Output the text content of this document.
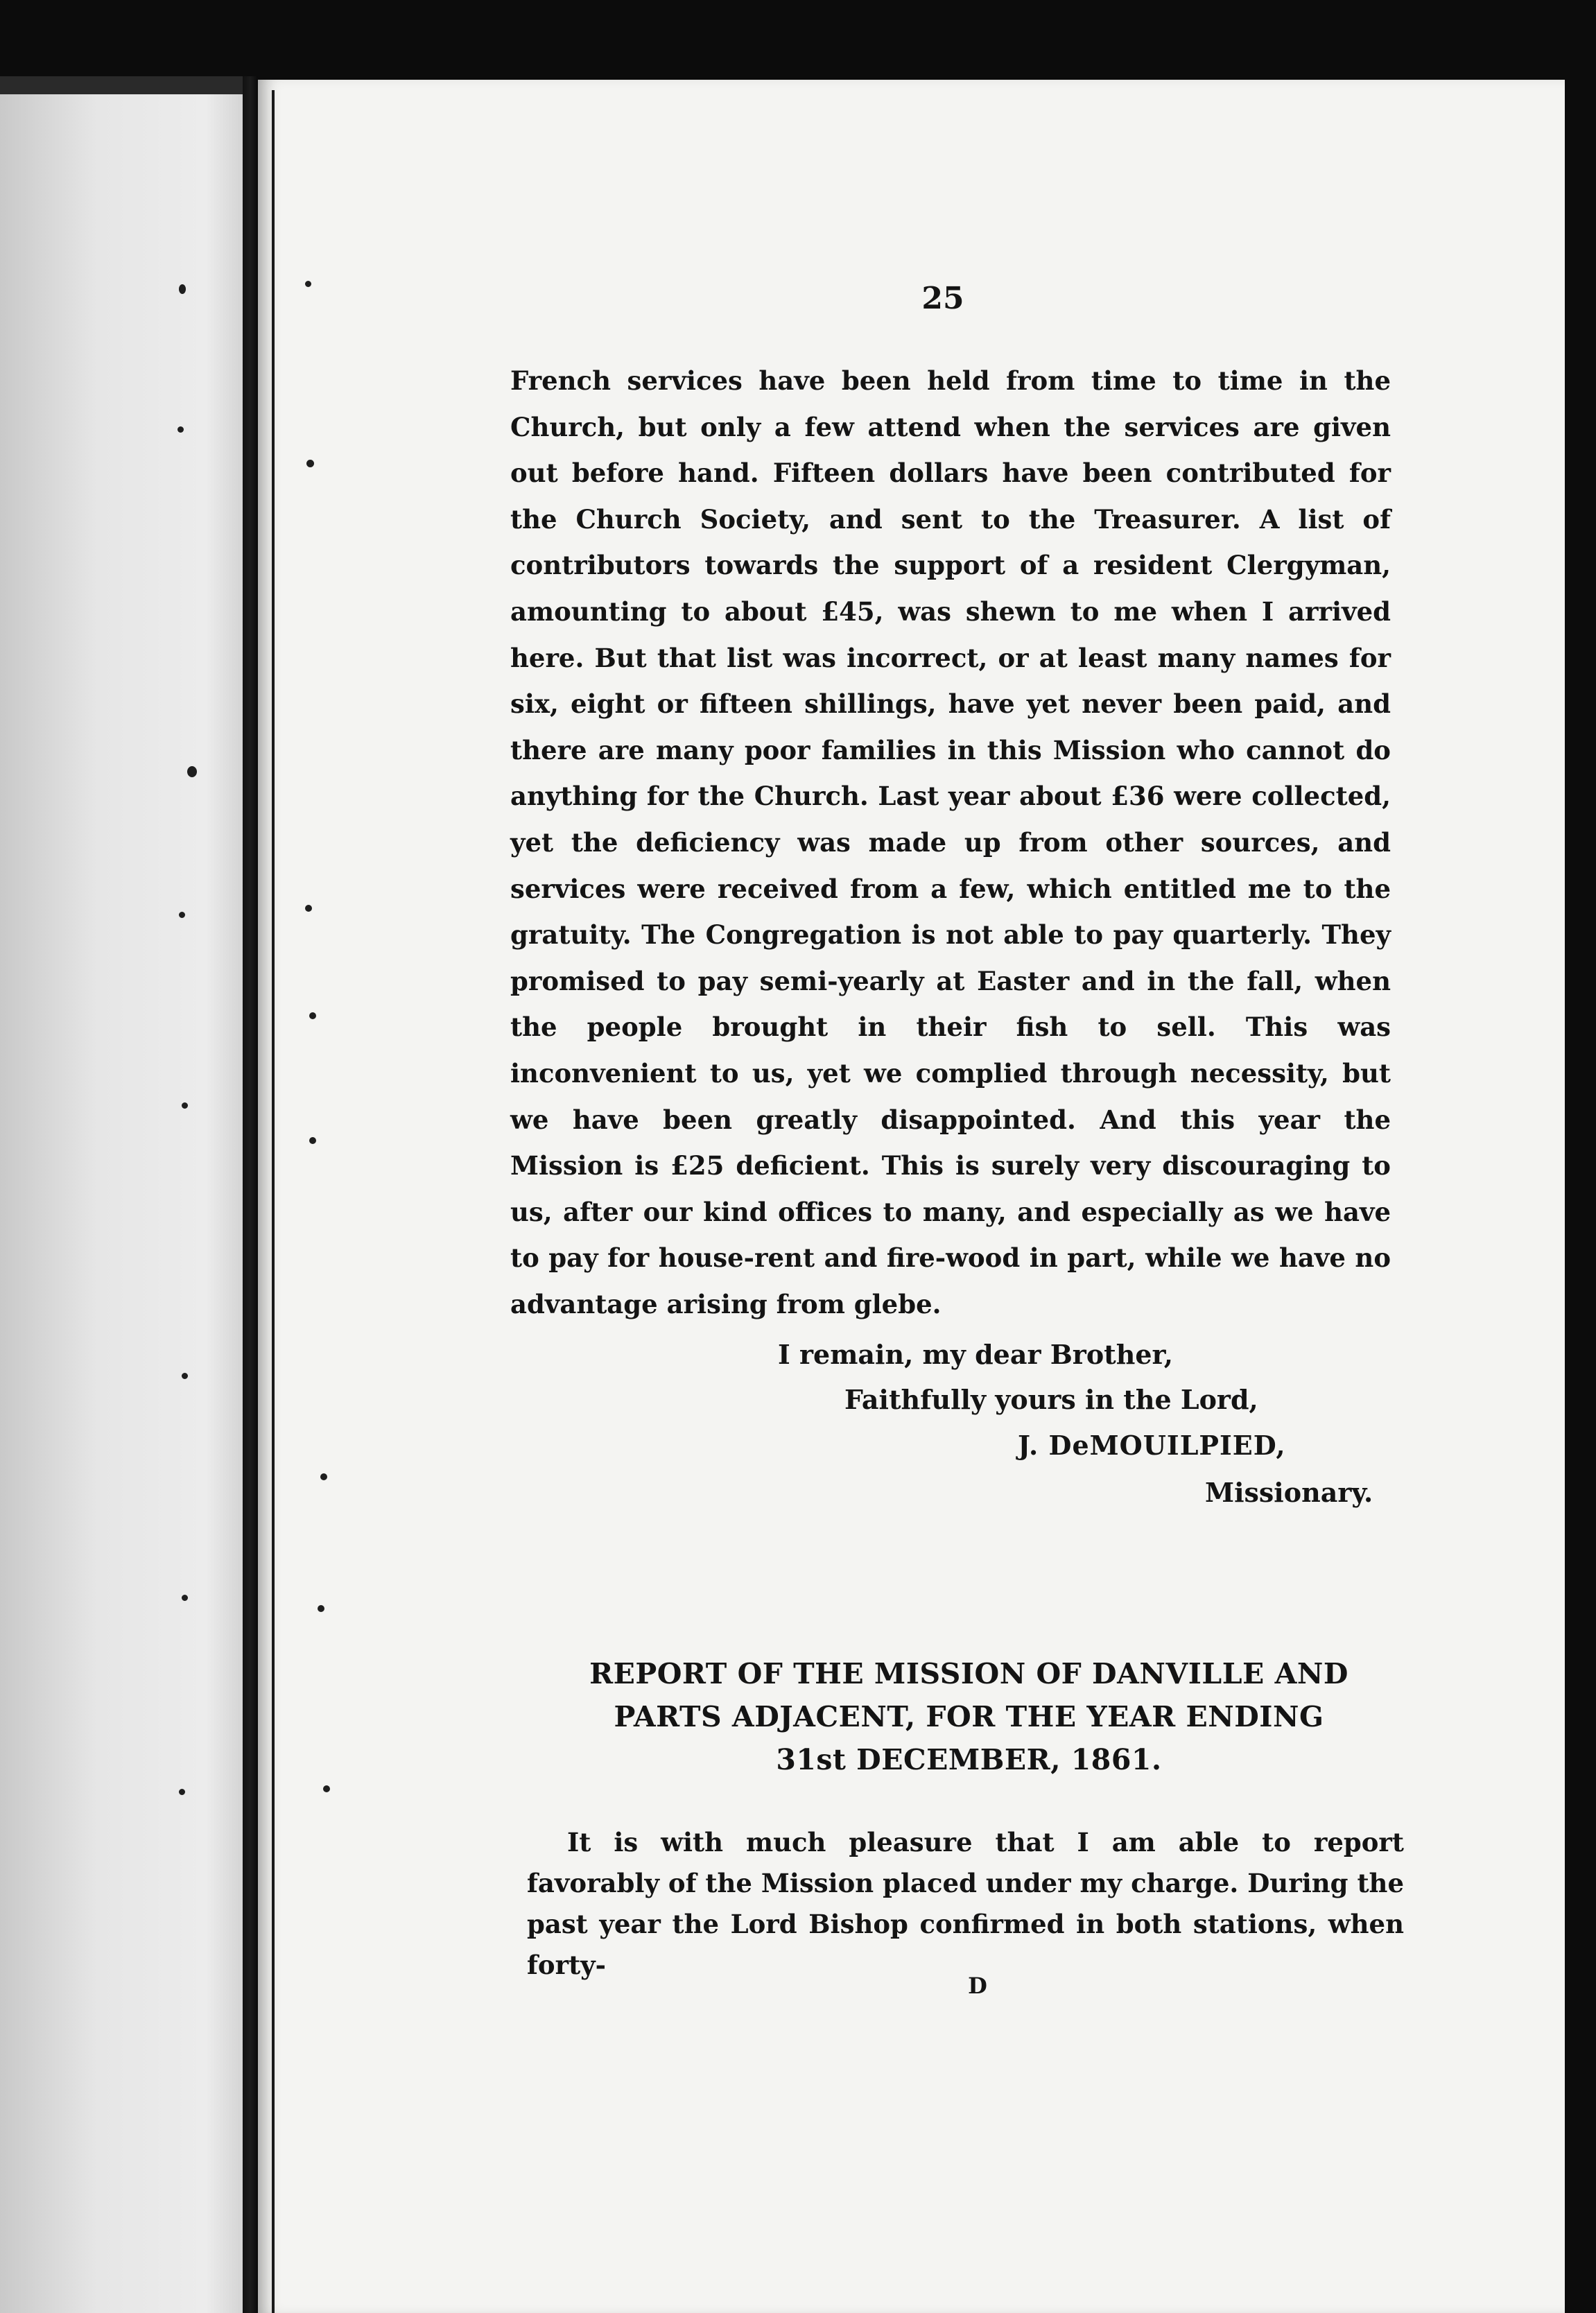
25
French services have been held from time to time in the Church, but only a few attend when the services are given out before hand. Fifteen dollars have been contributed for the Church Society, and sent to the Treasurer. A list of contributors towards the support of a resident Clergyman, amounting to about £45, was shewn to me when I arrived here. But that list was incorrect, or at least many names for six, eight or fifteen shillings, have yet never been paid, and there are many poor families in this Mission who cannot do anything for the Church. Last year about £36 were collected, yet the deficiency was made up from other sources, and services were received from a few, which entitled me to the gratuity. The Congregation is not able to pay quarterly. They promised to pay semi-yearly at Easter and in the fall, when the people brought in their fish to sell. This was inconvenient to us, yet we complied through necessity, but we have been greatly disappointed. And this year the Mission is £25 deficient. This is surely very discouraging to us, after our kind offices to many, and especially as we have to pay for house-rent and fire-wood in part, while we have no advantage arising from glebe.
I remain, my dear Brother,
Faithfully yours in the Lord,
J. DeMOUILPIED,
Missionary.
REPORT OF THE MISSION OF DANVILLE AND
PARTS ADJACENT, FOR THE YEAR ENDING
31st DECEMBER, 1861.
It is with much pleasure that I am able to report favorably of the Mission placed under my charge. During the past year the Lord Bishop confirmed in both stations, when forty-
D
